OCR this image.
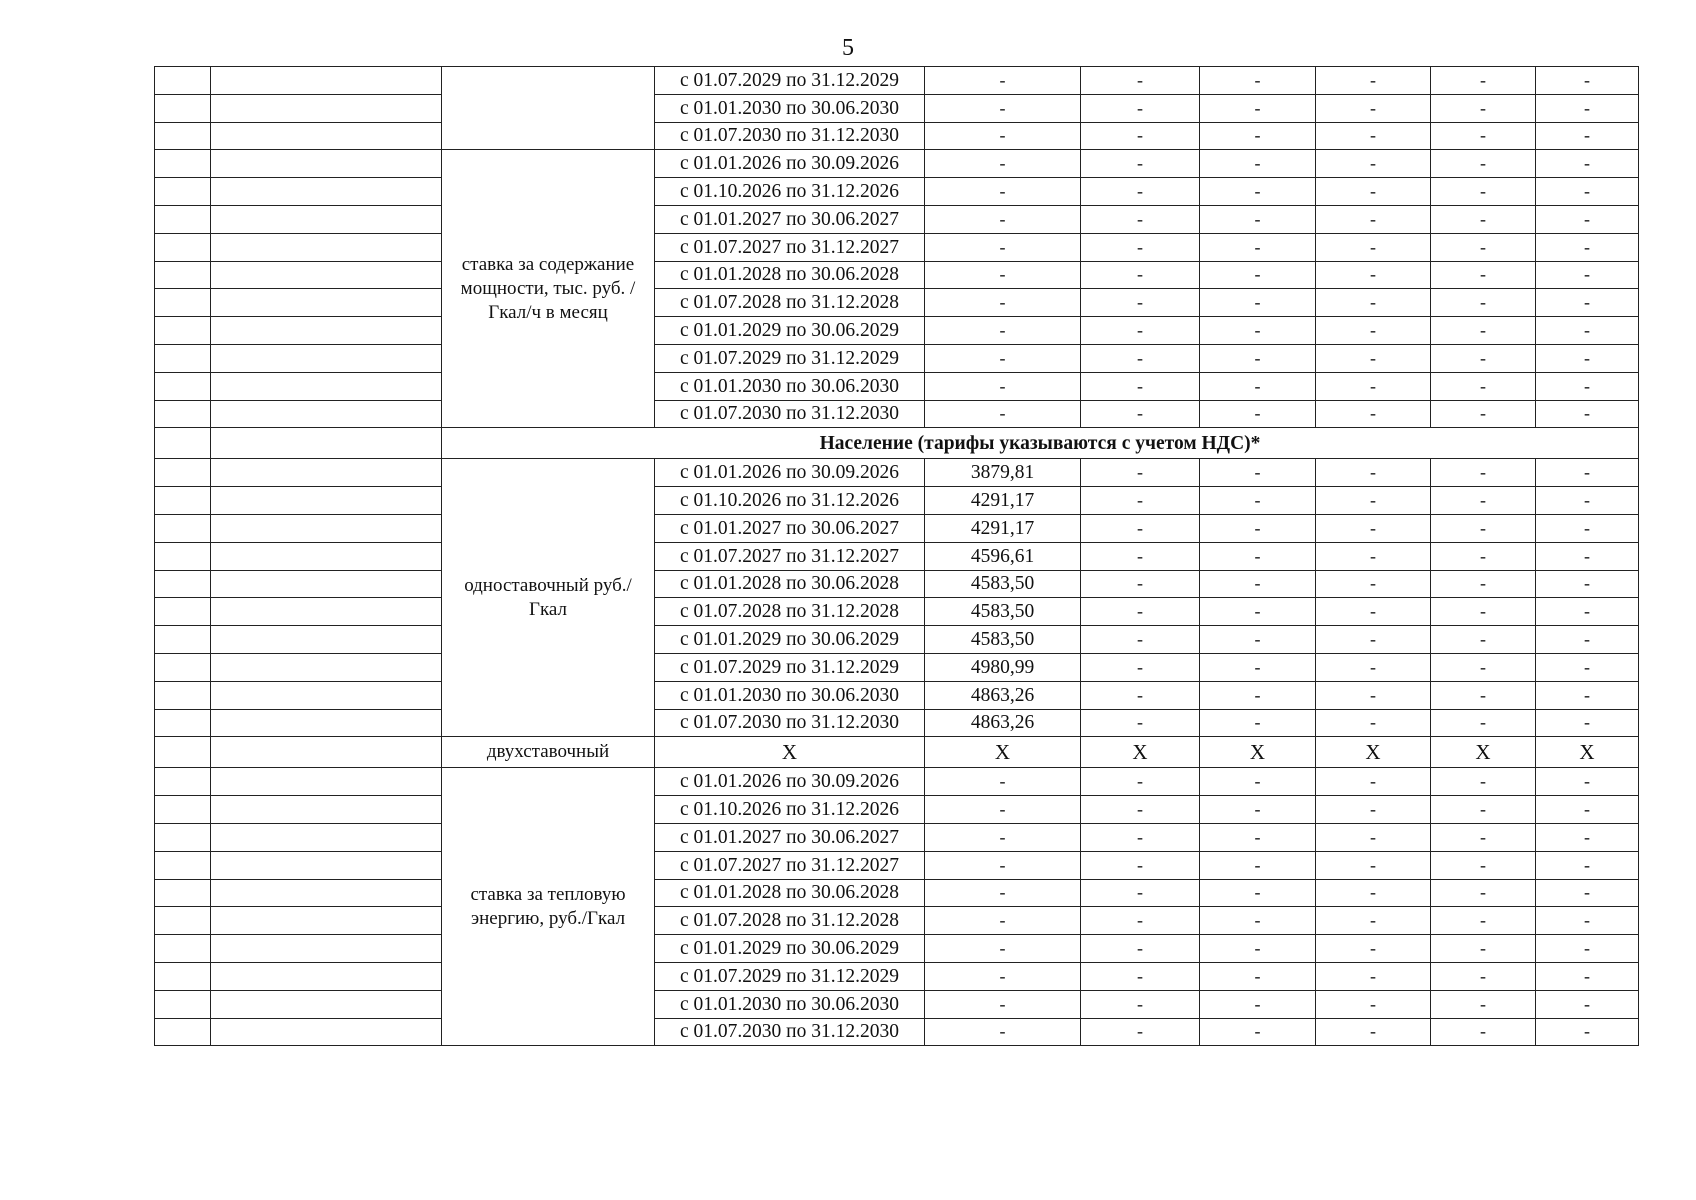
5
			с 01.07.2029 по 31.12.2029	-	-	-	-	-	-
			с 01.01.2030 по 30.06.2030	-	-	-	-	-	-
			с 01.07.2030 по 31.12.2030	-	-	-	-	-	-
		ставка за содержание мощности, тыс. руб. /Гкал/ч в месяц	с 01.01.2026 по 30.09.2026	-	-	-	-	-	-
			с 01.10.2026 по 31.12.2026	-	-	-	-	-	-
			с 01.01.2027 по 30.06.2027	-	-	-	-	-	-
			с 01.07.2027 по 31.12.2027	-	-	-	-	-	-
			с 01.01.2028 по 30.06.2028	-	-	-	-	-	-
			с 01.07.2028 по 31.12.2028	-	-	-	-	-	-
			с 01.01.2029 по 30.06.2029	-	-	-	-	-	-
			с 01.07.2029 по 31.12.2029	-	-	-	-	-	-
			с 01.01.2030 по 30.06.2030	-	-	-	-	-	-
			с 01.07.2030 по 31.12.2030	-	-	-	-	-	-
		Население (тарифы указываются с учетом НДС)*							
		одноставочный руб./Гкал	с 01.01.2026 по 30.09.2026	3879,81	-	-	-	-	-
			с 01.10.2026 по 31.12.2026	4291,17	-	-	-	-	-
			с 01.01.2027 по 30.06.2027	4291,17	-	-	-	-	-
			с 01.07.2027 по 31.12.2027	4596,61	-	-	-	-	-
			с 01.01.2028 по 30.06.2028	4583,50	-	-	-	-	-
			с 01.07.2028 по 31.12.2028	4583,50	-	-	-	-	-
			с 01.01.2029 по 30.06.2029	4583,50	-	-	-	-	-
			с 01.07.2029 по 31.12.2029	4980,99	-	-	-	-	-
			с 01.01.2030 по 30.06.2030	4863,26	-	-	-	-	-
			с 01.07.2030 по 31.12.2030	4863,26	-	-	-	-	-
		двухставочный	X	X	X	X	X	X	X
		ставка за тепловую энергию, руб./Гкал	с 01.01.2026 по 30.09.2026	-	-	-	-	-	-
			с 01.10.2026 по 31.12.2026	-	-	-	-	-	-
			с 01.01.2027 по 30.06.2027	-	-	-	-	-	-
			с 01.07.2027 по 31.12.2027	-	-	-	-	-	-
			с 01.01.2028 по 30.06.2028	-	-	-	-	-	-
			с 01.07.2028 по 31.12.2028	-	-	-	-	-	-
			с 01.01.2029 по 30.06.2029	-	-	-	-	-	-
			с 01.07.2029 по 31.12.2029	-	-	-	-	-	-
			с 01.01.2030 по 30.06.2030	-	-	-	-	-	-
			с 01.07.2030 по 31.12.2030	-	-	-	-	-	-
